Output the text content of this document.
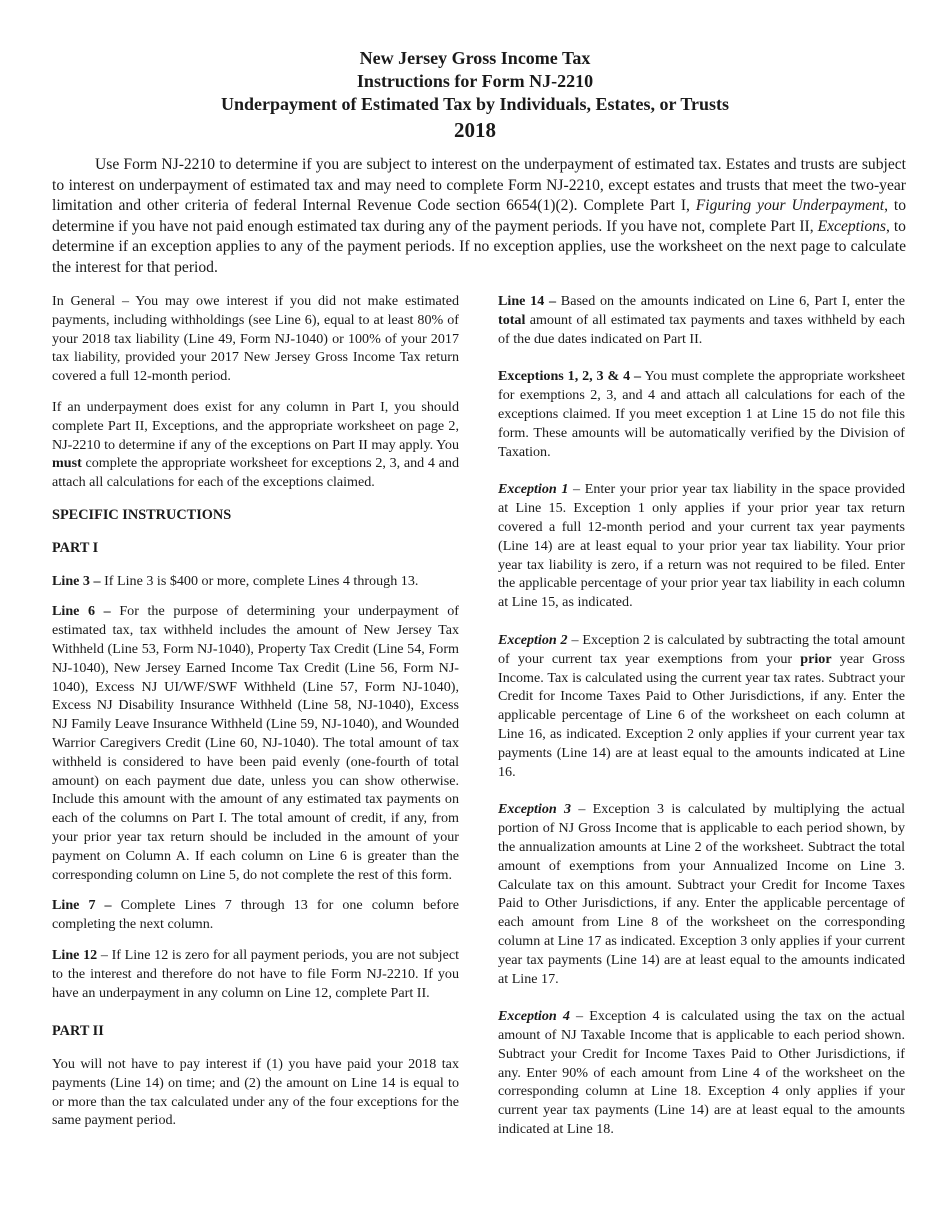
New Jersey Gross Income Tax
Instructions for Form NJ-2210
Underpayment of Estimated Tax by Individuals, Estates, or Trusts
2018

Use Form NJ-2210 to determine if you are subject to interest on the underpayment of estimated tax. Estates and trusts are subject to interest on underpayment of estimated tax and may need to complete Form NJ-2210, except estates and trusts that meet the two-year limitation and other criteria of federal Internal Revenue Code section 6654(1)(2). Complete Part I, Figuring your Underpayment, to determine if you have not paid enough estimated tax during any of the payment periods. If you have not, complete Part II, Exceptions, to determine if an exception applies to any of the payment periods. If no exception applies, use the worksheet on the next page to calculate the interest for that period.

In General – You may owe interest if you did not make estimated payments, including withholdings (see Line 6), equal to at least 80% of your 2018 tax liability (Line 49, Form NJ-1040) or 100% of your 2017 tax liability, provided your 2017 New Jersey Gross Income Tax return covered a full 12-month period.

If an underpayment does exist for any column in Part I, you should complete Part II, Exceptions, and the appropriate worksheet on page 2, NJ-2210 to determine if any of the exceptions on Part II may apply. You must complete the appropriate worksheet for exceptions 2, 3, and 4 and attach all calculations for each of the exceptions claimed.

SPECIFIC INSTRUCTIONS
PART I

Line 3 – If Line 3 is $400 or more, complete Lines 4 through 13.

Line 6 – For the purpose of determining your underpayment of estimated tax, tax withheld includes the amount of New Jersey Tax Withheld (Line 53, Form NJ-1040), Property Tax Credit (Line 54, Form NJ-1040), New Jersey Earned Income Tax Credit (Line 56, Form NJ-1040), Excess NJ UI/WF/SWF Withheld (Line 57, Form NJ-1040), Excess NJ Disability Insurance Withheld (Line 58, NJ-1040), Excess NJ Family Leave Insurance Withheld (Line 59, NJ-1040), and Wounded Warrior Caregivers Credit (Line 60, NJ-1040). The total amount of tax withheld is considered to have been paid evenly (one-fourth of total amount) on each payment due date, unless you can show otherwise. Include this amount with the amount of any estimated tax payments on each of the columns on Part I. The total amount of credit, if any, from your prior year tax return should be included in the amount of your payment on Column A. If each column on Line 6 is greater than the corresponding column on Line 5, do not complete the rest of this form.

Line 7 – Complete Lines 7 through 13 for one column before completing the next column.

Line 12 – If Line 12 is zero for all payment periods, you are not subject to the interest and therefore do not have to file Form NJ-2210. If you have an underpayment in any column on Line 12, complete Part II.

PART II

You will not have to pay interest if (1) you have paid your 2018 tax payments (Line 14) on time; and (2) the amount on Line 14 is equal to or more than the tax calculated under any of the four exceptions for the same payment period.

Line 14 – Based on the amounts indicated on Line 6, Part I, enter the total amount of all estimated tax payments and taxes withheld by each of the due dates indicated on Part II.

Exceptions 1, 2, 3 & 4 – You must complete the appropriate worksheet for exemptions 2, 3, and 4 and attach all calculations for each of the exceptions claimed. If you meet exception 1 at Line 15 do not file this form. These amounts will be automatically verified by the Division of Taxation.

Exception 1 – Enter your prior year tax liability in the space provided at Line 15. Exception 1 only applies if your prior year tax return covered a full 12-month period and your current tax year payments (Line 14) are at least equal to your prior year tax liability. Your prior year tax liability is zero, if a return was not required to be filed. Enter the applicable percentage of your prior year tax liability in each column at Line 15, as indicated.

Exception 2 – Exception 2 is calculated by subtracting the total amount of your current tax year exemptions from your prior year Gross Income. Tax is calculated using the current year tax rates. Subtract your Credit for Income Taxes Paid to Other Jurisdictions, if any. Enter the applicable percentage of Line 6 of the worksheet on each column at Line 16, as indicated. Exception 2 only applies if your current year tax payments (Line 14) are at least equal to the amounts indicated at Line 16.

Exception 3 – Exception 3 is calculated by multiplying the actual portion of NJ Gross Income that is applicable to each period shown, by the annualization amounts at Line 2 of the worksheet. Subtract the total amount of exemptions from your Annualized Income on Line 3. Calculate tax on this amount. Subtract your Credit for Income Taxes Paid to Other Jurisdictions, if any. Enter the applicable percentage of each amount from Line 8 of the worksheet on the corresponding column at Line 17 as indicated. Exception 3 only applies if your current year tax payments (Line 14) are at least equal to the amounts indicated at Line 17.

Exception 4 – Exception 4 is calculated using the tax on the actual amount of NJ Taxable Income that is applicable to each period shown. Subtract your Credit for Income Taxes Paid to Other Jurisdictions, if any. Enter 90% of each amount from Line 4 of the worksheet on the corresponding column at Line 18. Exception 4 only applies if your current year tax payments (Line 14) are at least equal to the amounts indicated at Line 18.
